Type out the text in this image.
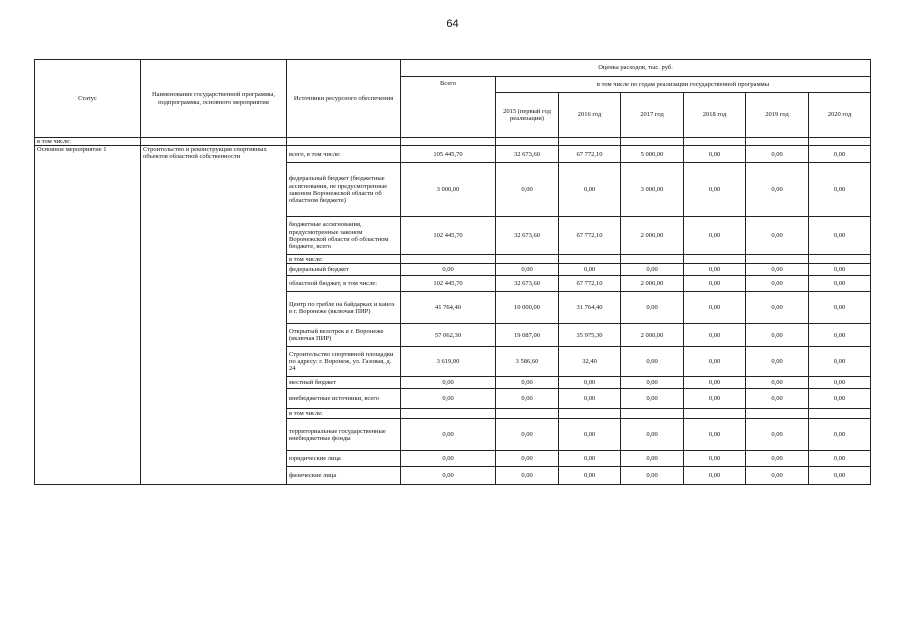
64
Статус	Наименование государственной программы, подпрограммы, основного мероприятия	Источники ресурсного обеспечения	Оценка расходов, тыс. руб.						
			Всего	в том числе по годам реализации государственной программы					
				2015 (первый год реализации)	2016 год	2017 год	2018 год	2019 год	2020 год
в том числе:									
Основное мероприятие 1	Строительство и реконструкция спортивных объектов областной собственности	всего, в том числе:	105 445,70	32 673,60	67 772,10	5 000,00	0,00	0,00	0,00
		федеральный бюджет (бюджетные ассигнования, не предусмотренные законом Воронежской области об областном бюджете)	3 000,00	0,00	0,00	3 000,00	0,00	0,00	0,00
		бюджетные ассигнования, предусмотренные законом Воронежской области об областном бюджете, всего	102 445,70	32 673,60	67 772,10	2 000,00	0,00	0,00	0,00
		в том числе:							
		федеральный бюджет	0,00	0,00	0,00	0,00	0,00	0,00	0,00
		областной бюджет, в том числе:	102 445,70	32 673,60	67 772,10	2 000,00	0,00	0,00	0,00
		Центр по гребле на байдарках и каноэ в г. Воронеже (включая ПИР)	41 764,40	10 000,00	31 764,40	0,00	0,00	0,00	0,00
		Открытый велотрек в г. Воронеже (включая ПИР)	57 062,30	19 087,00	35 975,30	2 000,00	0,00	0,00	0,00
		Строительство спортивной площадки по адресу: г. Воронеж, ул. Газовая, д. 24	3 619,00	3 586,60	32,40	0,00	0,00	0,00	0,00
		местный бюджет	0,00	0,00	0,00	0,00	0,00	0,00	0,00
		внебюджетные источники, всего	0,00	0,00	0,00	0,00	0,00	0,00	0,00
		в том числе:							
		территориальные государственные внебюджетные фонды	0,00	0,00	0,00	0,00	0,00	0,00	0,00
		юридические лица	0,00	0,00	0,00	0,00	0,00	0,00	0,00
		физические лица	0,00	0,00	0,00	0,00	0,00	0,00	0,00
